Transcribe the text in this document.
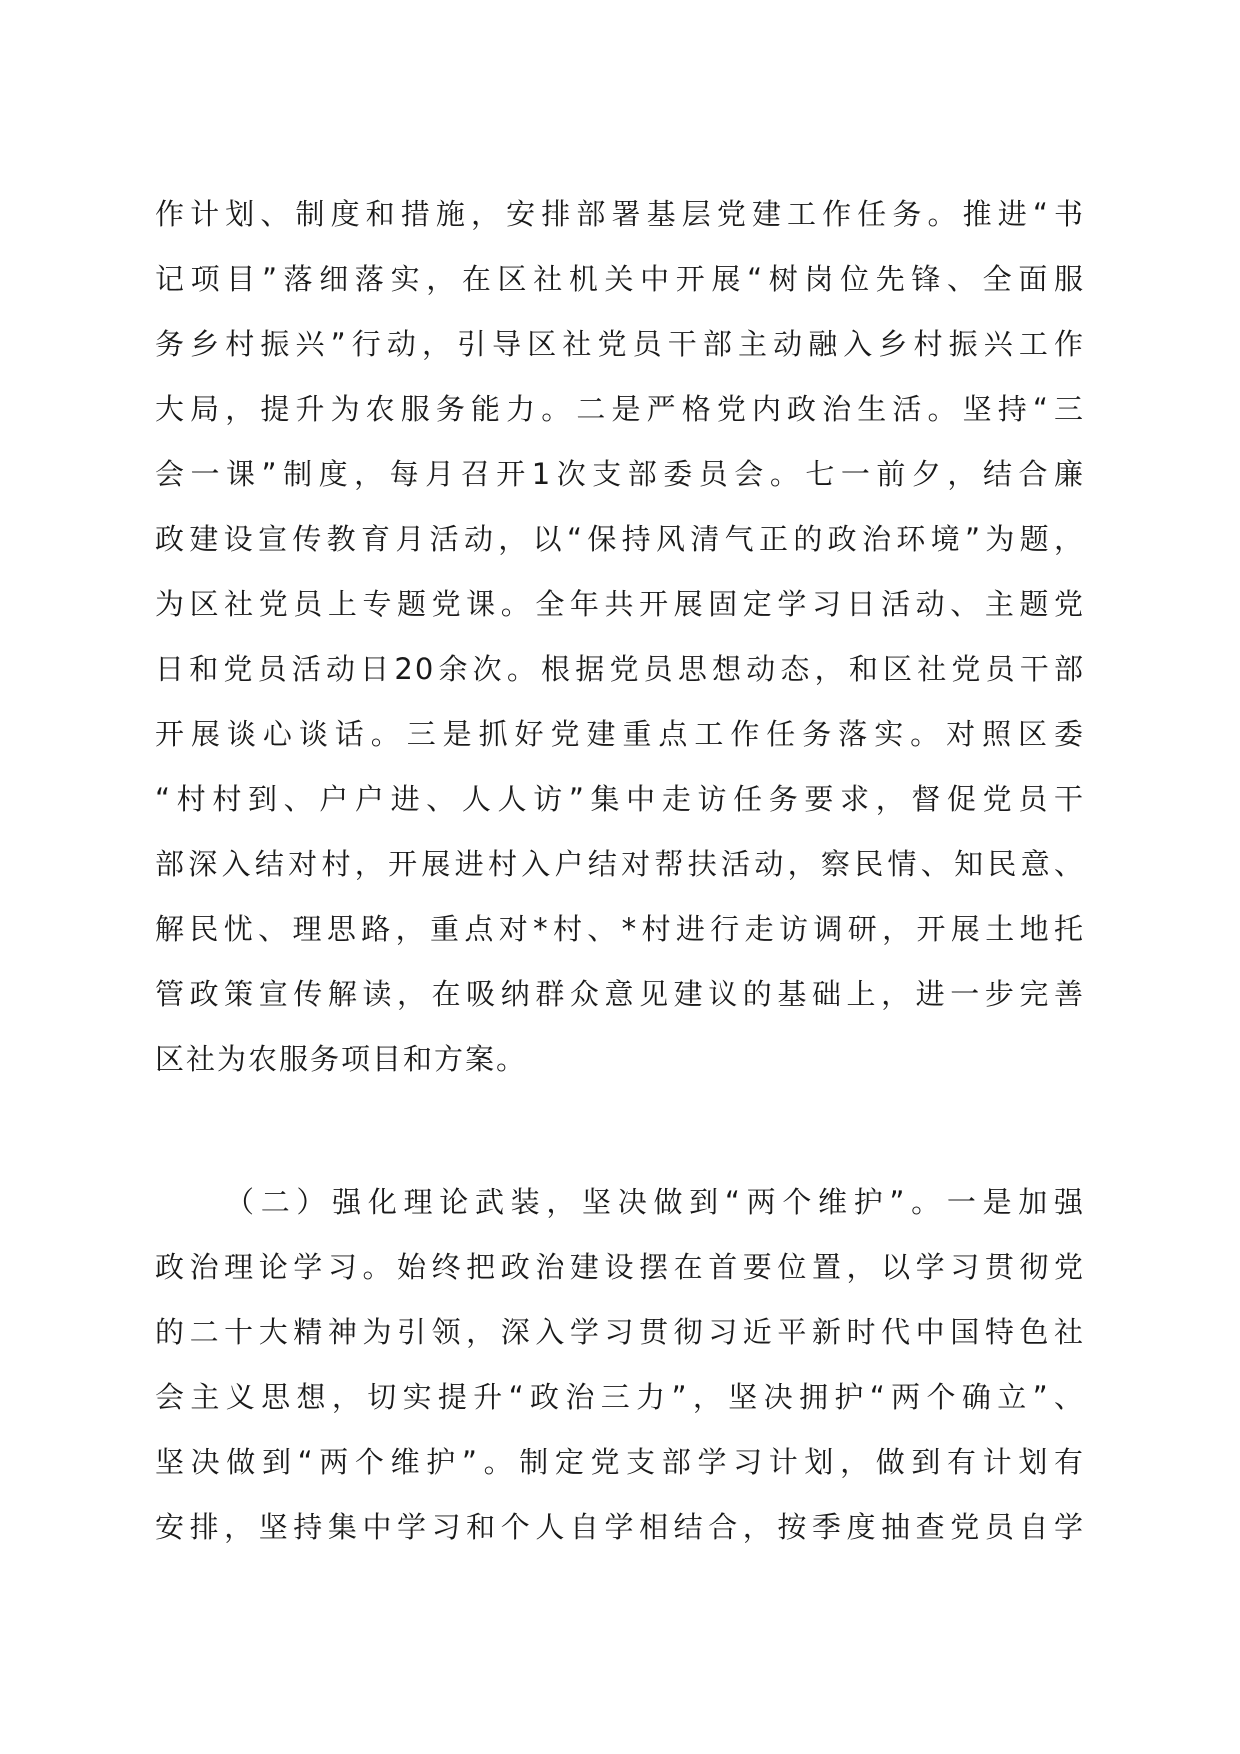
作计划、制度和措施，安排部署基层党建工作任务。推进“书
记项目”落细落实，在区社机关中开展“树岗位先锋、全面服
务乡村振兴”行动，引导区社党员干部主动融入乡村振兴工作
大局，提升为农服务能力。二是严格党内政治生活。坚持“三
会一课”制度，每月召开1次支部委员会。七一前夕，结合廉
政建设宣传教育月活动，以“保持风清气正的政治环境”为题，
为区社党员上专题党课。全年共开展固定学习日活动、主题党
日和党员活动日20余次。根据党员思想动态，和区社党员干部
开展谈心谈话。三是抓好党建重点工作任务落实。对照区委
“村村到、户户进、人人访”集中走访任务要求，督促党员干
部深入结对村，开展进村入户结对帮扶活动，察民情、知民意、
解民忧、理思路，重点对*村、*村进行走访调研，开展土地托
管政策宣传解读，在吸纳群众意见建议的基础上，进一步完善
区社为农服务项目和方案。
（二）强化理论武装，坚决做到“两个维护”。一是加强
政治理论学习。始终把政治建设摆在首要位置，以学习贯彻党
的二十大精神为引领，深入学习贯彻习近平新时代中国特色社
会主义思想，切实提升“政治三力”，坚决拥护“两个确立”、
坚决做到“两个维护”。制定党支部学习计划，做到有计划有
安排，坚持集中学习和个人自学相结合，按季度抽查党员自学
